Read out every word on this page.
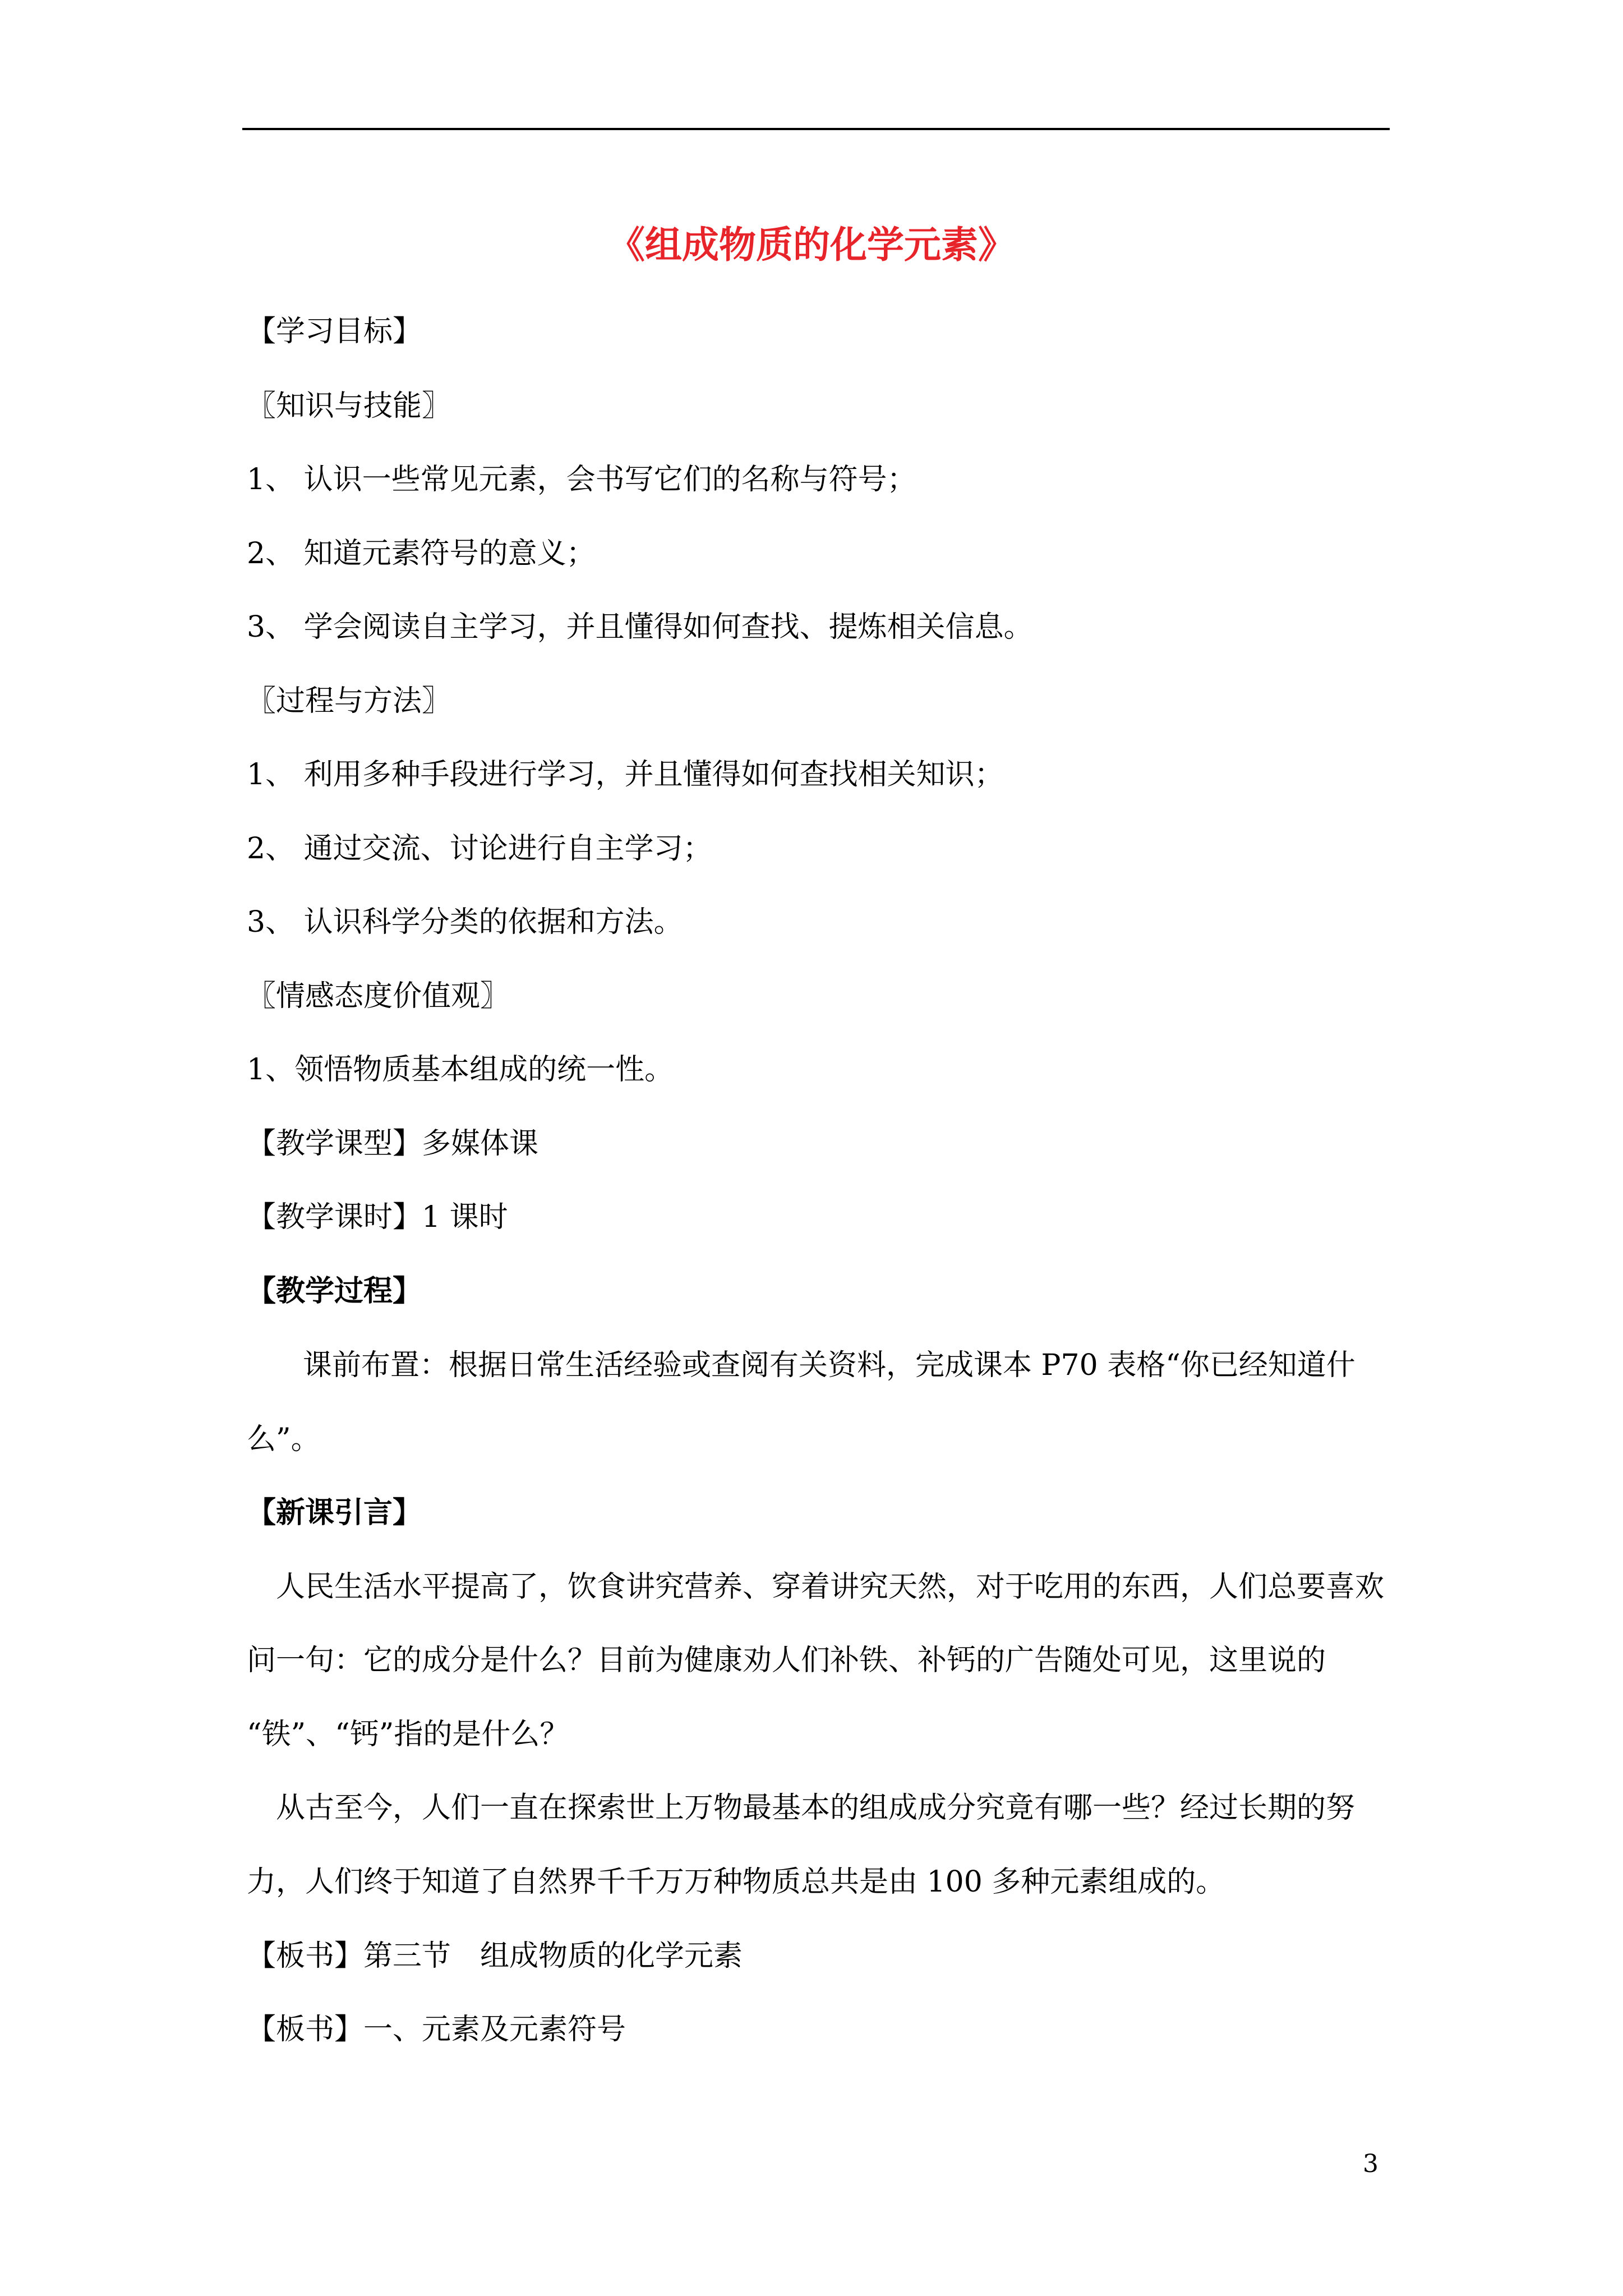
《组成物质的化学元素》
【学习目标】
〖知识与技能〗
1、 认识一些常见元素，会书写它们的名称与符号；
2、 知道元素符号的意义；
3、 学会阅读自主学习，并且懂得如何查找、提炼相关信息。
〖过程与方法〗
1、 利用多种手段进行学习，并且懂得如何查找相关知识；
2、 通过交流、讨论进行自主学习；
3、 认识科学分类的依据和方法。
〖情感态度价值观〗
1、领悟物质基本组成的统一性。
【教学课型】多媒体课
【教学课时】1 课时
【教学过程】
课前布置：根据日常生活经验或查阅有关资料，完成课本 P70 表格“你已经知道什
么”。
【新课引言】
人民生活水平提高了，饮食讲究营养、穿着讲究天然，对于吃用的东西，人们总要喜欢
问一句：它的成分是什么？目前为健康劝人们补铁、补钙的广告随处可见，这里说的
“铁”、“钙”指的是什么？
从古至今，人们一直在探索世上万物最基本的组成成分究竟有哪一些？经过长期的努
力，人们终于知道了自然界千千万万种物质总共是由 100 多种元素组成的。
【板书】第三节　组成物质的化学元素
【板书】一、元素及元素符号
3
